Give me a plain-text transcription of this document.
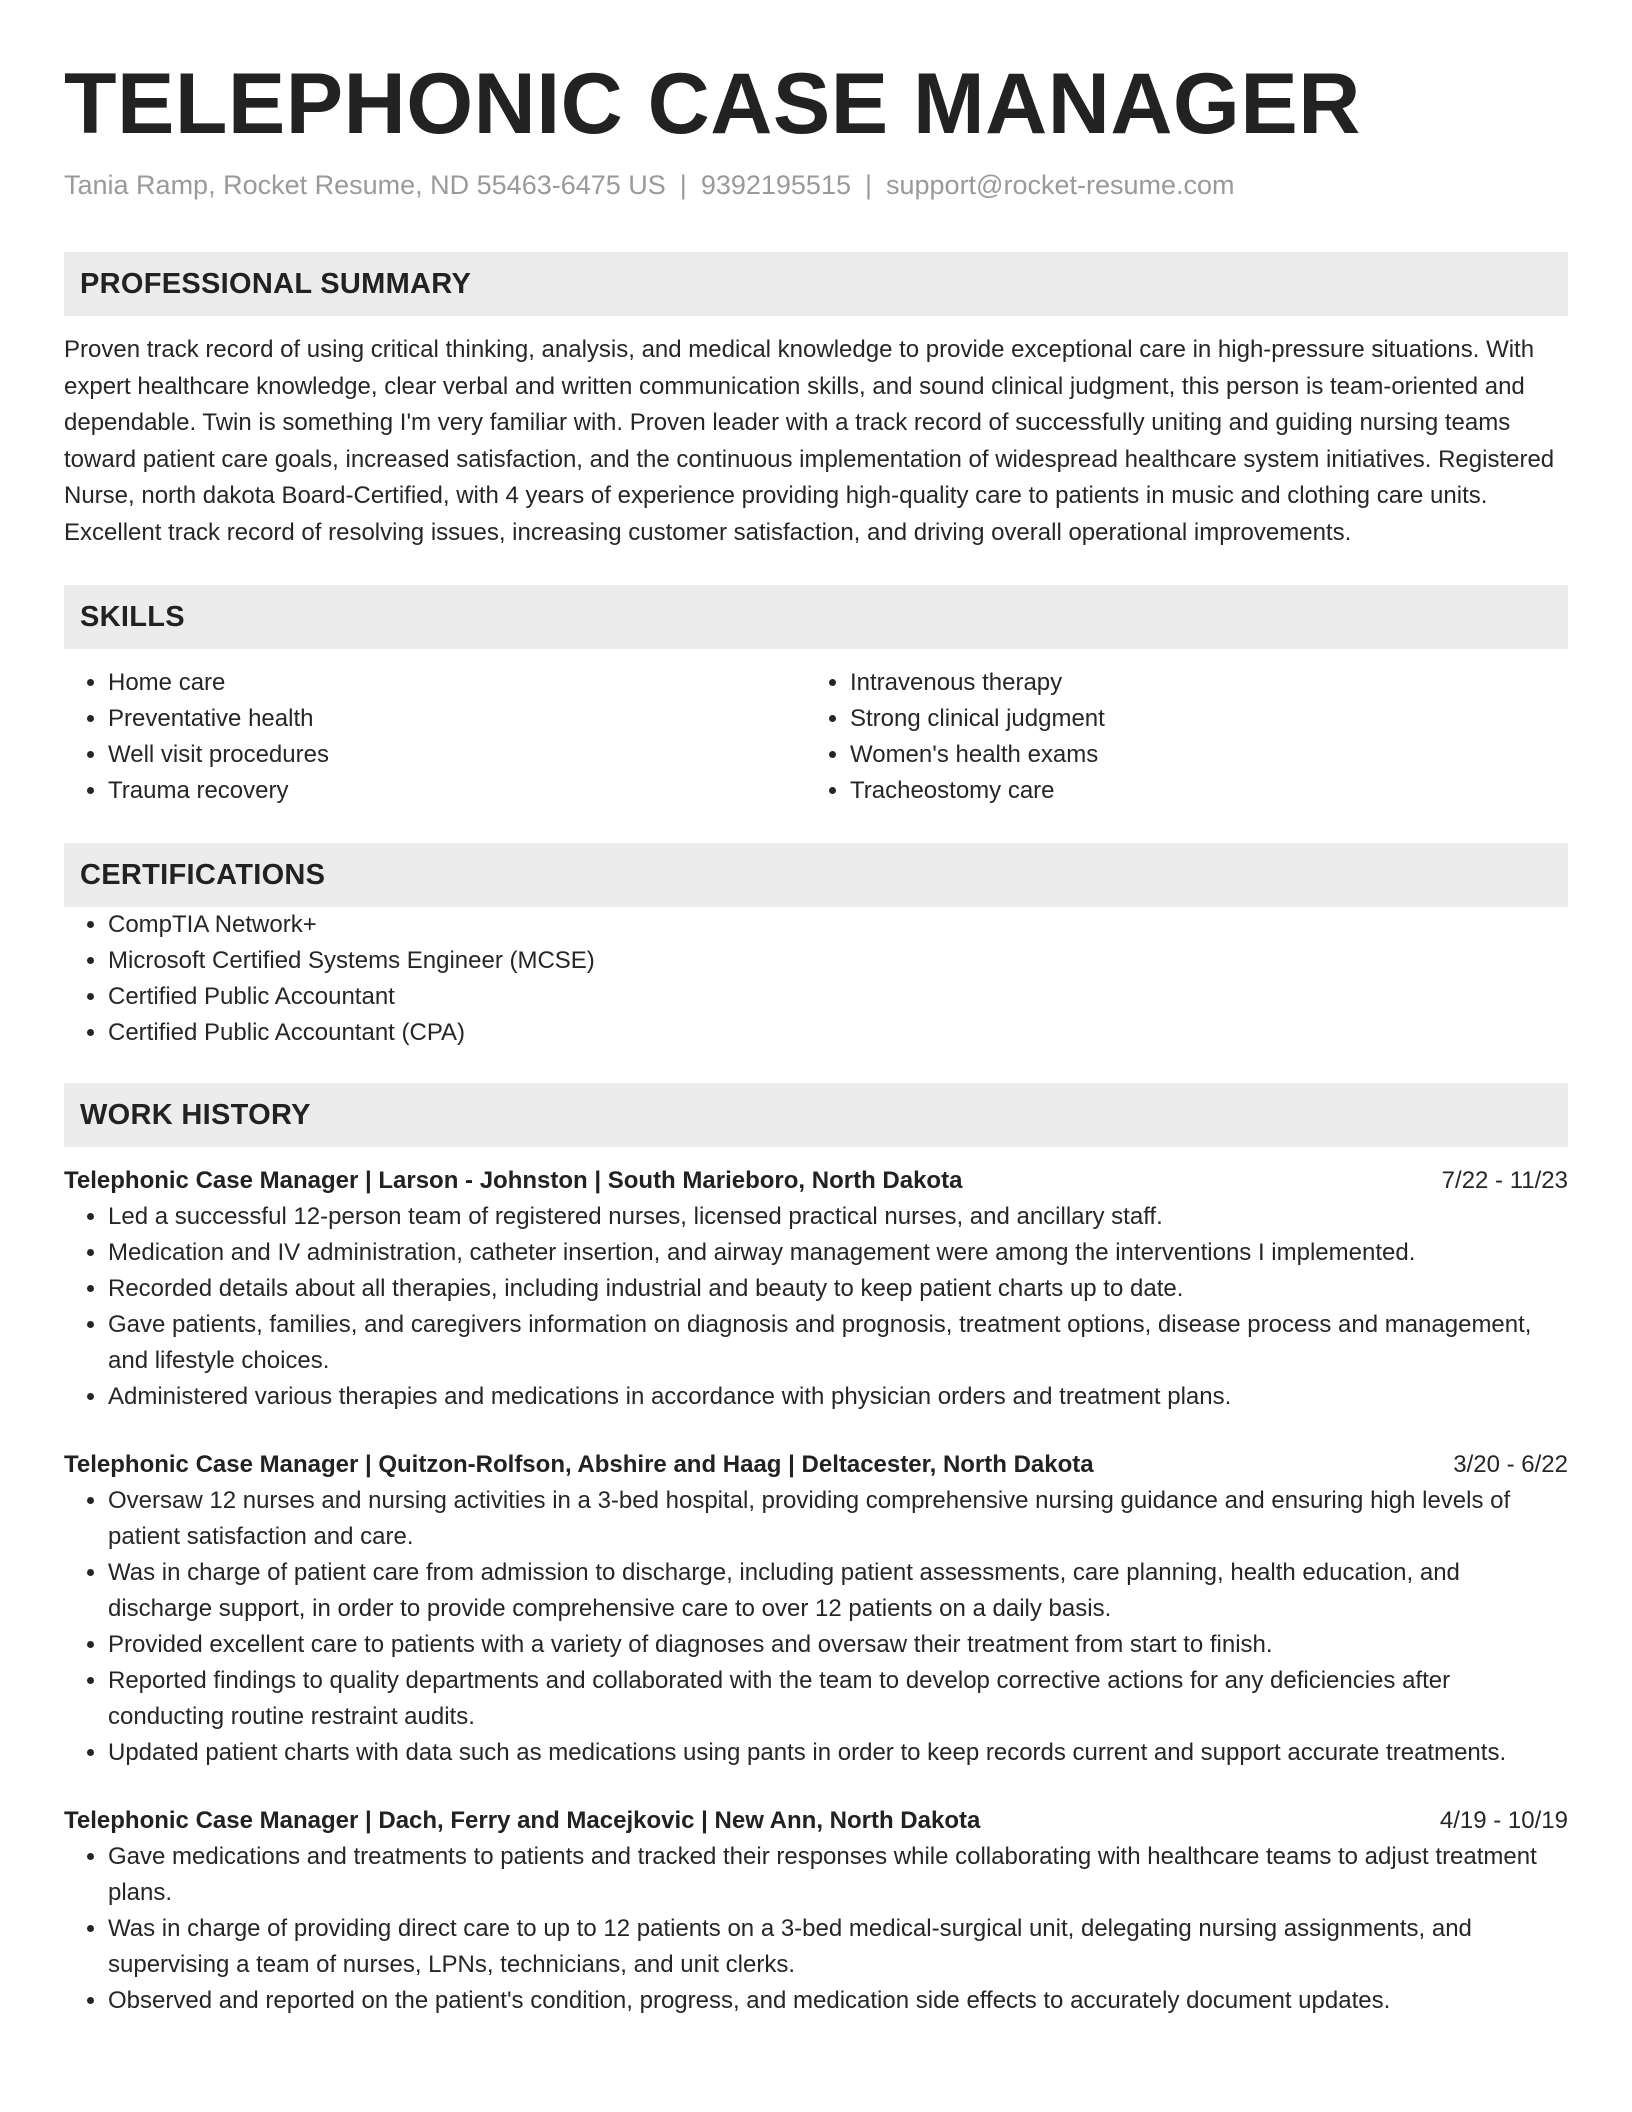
TELEPHONIC CASE MANAGER
Tania Ramp, Rocket Resume, ND 55463-6475 US | 9392195515 | support@rocket-resume.com
PROFESSIONAL SUMMARY

Proven track record of using critical thinking, analysis, and medical knowledge to provide exceptional care in high-pressure situations. With expert healthcare knowledge, clear verbal and written communication skills, and sound clinical judgment, this person is team-oriented and dependable. Twin is something I'm very familiar with. Proven leader with a track record of successfully uniting and guiding nursing teams toward patient care goals, increased satisfaction, and the continuous implementation of widespread healthcare system initiatives. Registered Nurse, north dakota Board-Certified, with 4 years of experience providing high-quality care to patients in music and clothing care units. Excellent track record of resolving issues, increasing customer satisfaction, and driving overall operational improvements.

SKILLS
• Home care
• Preventative health
• Well visit procedures
• Trauma recovery
• Intravenous therapy
• Strong clinical judgment
• Women's health exams
• Tracheostomy care
CERTIFICATIONS
• CompTIA Network+
• Microsoft Certified Systems Engineer (MCSE)
• Certified Public Accountant
• Certified Public Accountant (CPA)
WORK HISTORY
Telephonic Case Manager | Larson - Johnston | South Marieboro, North Dakota	7/22 - 11/23
• Led a successful 12-person team of registered nurses, licensed practical nurses, and ancillary staff.
• Medication and IV administration, catheter insertion, and airway management were among the interventions I implemented.
• Recorded details about all therapies, including industrial and beauty to keep patient charts up to date.
• Gave patients, families, and caregivers information on diagnosis and prognosis, treatment options, disease process and management, and lifestyle choices.
• Administered various therapies and medications in accordance with physician orders and treatment plans.
Telephonic Case Manager | Quitzon-Rolfson, Abshire and Haag | Deltacester, North Dakota	3/20 - 6/22
• Oversaw 12 nurses and nursing activities in a 3-bed hospital, providing comprehensive nursing guidance and ensuring high levels of patient satisfaction and care.
• Was in charge of patient care from admission to discharge, including patient assessments, care planning, health education, and discharge support, in order to provide comprehensive care to over 12 patients on a daily basis.
• Provided excellent care to patients with a variety of diagnoses and oversaw their treatment from start to finish.
• Reported findings to quality departments and collaborated with the team to develop corrective actions for any deficiencies after conducting routine restraint audits.
• Updated patient charts with data such as medications using pants in order to keep records current and support accurate treatments.
Telephonic Case Manager | Dach, Ferry and Macejkovic | New Ann, North Dakota	4/19 - 10/19
• Gave medications and treatments to patients and tracked their responses while collaborating with healthcare teams to adjust treatment plans.
• Was in charge of providing direct care to up to 12 patients on a 3-bed medical-surgical unit, delegating nursing assignments, and supervising a team of nurses, LPNs, technicians, and unit clerks.
• Observed and reported on the patient's condition, progress, and medication side effects to accurately document updates.
